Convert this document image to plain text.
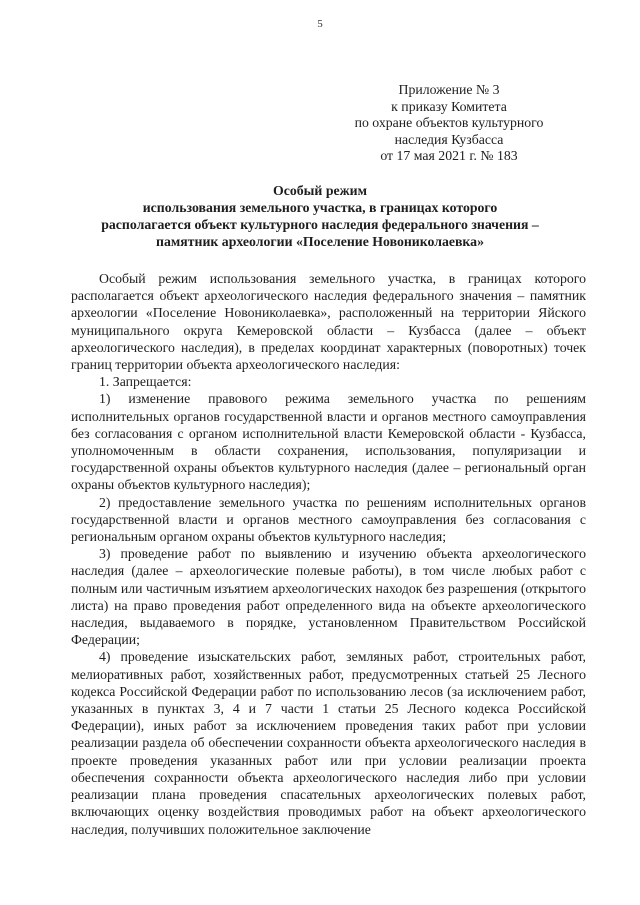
5
Приложение № 3
к приказу Комитета
по охране объектов культурного
наследия Кузбасса
от 17 мая 2021 г. № 183
Особый режим
использования земельного участка, в границах которого
располагается объект культурного наследия федерального значения –
памятник археологии «Поселение Новониколаевка»

Особый режим использования земельного участка, в границах которого располагается объект археологического наследия федерального значения – памятник археологии «Поселение Новониколаевка», расположенный на территории Яйского муниципального округа Кемеровской области – Кузбасса (далее – объект археологического наследия), в пределах координат характерных (поворотных) точек границ территории объекта археологического наследия:

1. Запрещается:

1) изменение правового режима земельного участка по решениям исполнительных органов государственной власти и органов местного самоуправления без согласования с органом исполнительной власти Кемеровской области - Кузбасса, уполномоченным в области сохранения, использования, популяризации и государственной охраны объектов культурного наследия (далее – региональный орган охраны объектов культурного наследия);

2) предоставление земельного участка по решениям исполнительных органов государственной власти и органов местного самоуправления без согласования с региональным органом охраны объектов культурного наследия;

3) проведение работ по выявлению и изучению объекта археологического наследия (далее – археологические полевые работы), в том числе любых работ с полным или частичным изъятием археологических находок без разрешения (открытого листа) на право проведения работ определенного вида на объекте археологического наследия, выдаваемого в порядке, установленном Правительством Российской Федерации;

4) проведение изыскательских работ, земляных работ, строительных работ, мелиоративных работ, хозяйственных работ, предусмотренных статьей 25 Лесного кодекса Российской Федерации работ по использованию лесов (за исключением работ, указанных в пунктах 3, 4 и 7 части 1 статьи 25 Лесного кодекса Российской Федерации), иных работ за исключением проведения таких работ при условии реализации раздела об обеспечении сохранности объекта археологического наследия в проекте проведения указанных работ или при условии реализации проекта обеспечения сохранности объекта археологического наследия либо при условии реализации плана проведения спасательных археологических полевых работ, включающих оценку воздействия проводимых работ на объект археологического наследия, получивших положительное заключение
